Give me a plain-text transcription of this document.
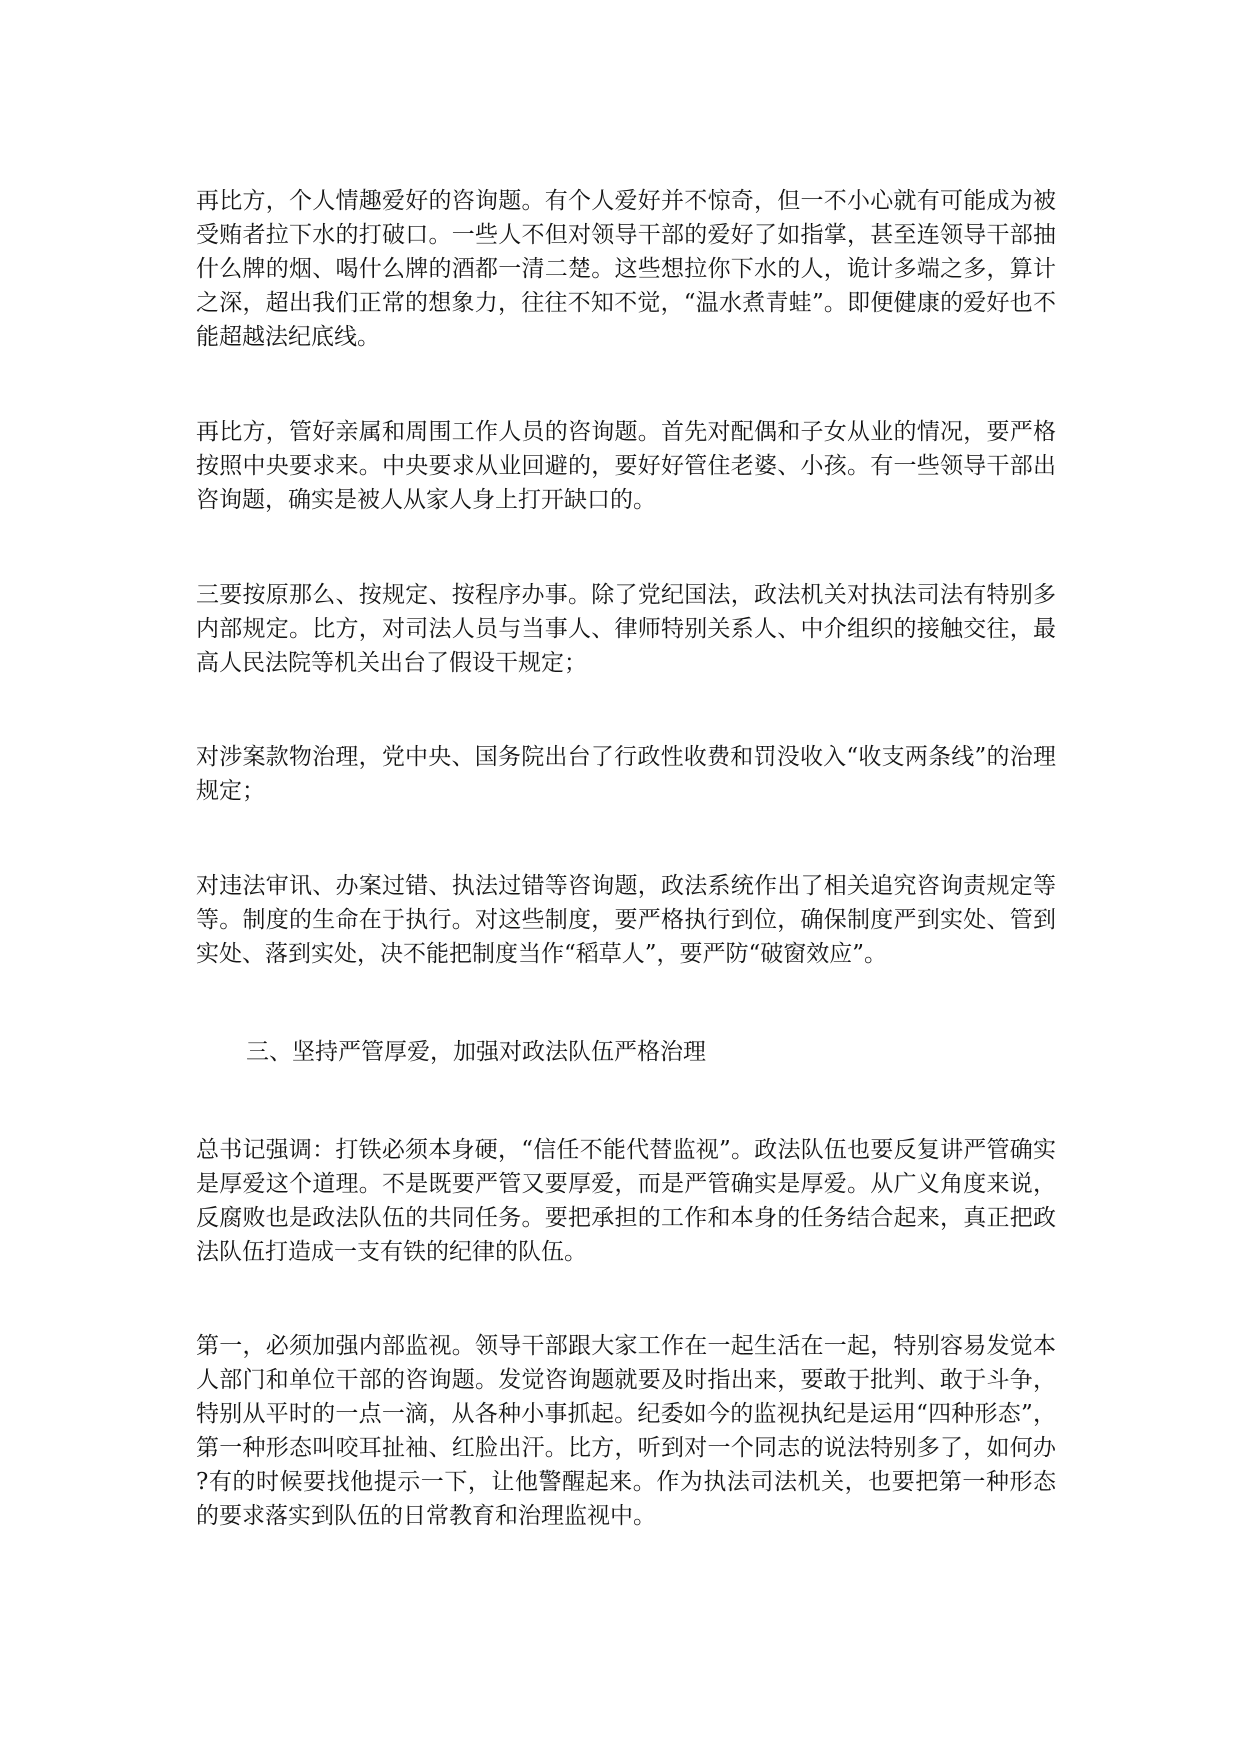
再比方，个人情趣爱好的咨询题。有个人爱好并不惊奇，但一不小心就有可能成为被受贿者拉下水的打破口。一些人不但对领导干部的爱好了如指掌，甚至连领导干部抽什么牌的烟、喝什么牌的酒都一清二楚。这些想拉你下水的人，诡计多端之多，算计之深，超出我们正常的想象力，往往不知不觉，“温水煮青蛙”。即便健康的爱好也不能超越法纪底线。

再比方，管好亲属和周围工作人员的咨询题。首先对配偶和子女从业的情况，要严格按照中央要求来。中央要求从业回避的，要好好管住老婆、小孩。有一些领导干部出咨询题，确实是被人从家人身上打开缺口的。

三要按原那么、按规定、按程序办事。除了党纪国法，政法机关对执法司法有特别多内部规定。比方，对司法人员与当事人、律师特别关系人、中介组织的接触交往，最高人民法院等机关出台了假设干规定；

对涉案款物治理，党中央、国务院出台了行政性收费和罚没收入“收支两条线”的治理规定；

对违法审讯、办案过错、执法过错等咨询题，政法系统作出了相关追究咨询责规定等等。制度的生命在于执行。对这些制度，要严格执行到位，确保制度严到实处、管到实处、落到实处，决不能把制度当作“稻草人”，要严防“破窗效应”。

三、坚持严管厚爱，加强对政法队伍严格治理

总书记强调：打铁必须本身硬，“信任不能代替监视”。政法队伍也要反复讲严管确实是厚爱这个道理。不是既要严管又要厚爱，而是严管确实是厚爱。从广义角度来说，反腐败也是政法队伍的共同任务。要把承担的工作和本身的任务结合起来，真正把政法队伍打造成一支有铁的纪律的队伍。

第一，必须加强内部监视。领导干部跟大家工作在一起生活在一起，特别容易发觉本人部门和单位干部的咨询题。发觉咨询题就要及时指出来，要敢于批判、敢于斗争，特别从平时的一点一滴，从各种小事抓起。纪委如今的监视执纪是运用“四种形态”，第一种形态叫咬耳扯袖、红脸出汗。比方，听到对一个同志的说法特别多了，如何办?有的时候要找他提示一下，让他警醒起来。作为执法司法机关，也要把第一种形态的要求落实到队伍的日常教育和治理监视中。
